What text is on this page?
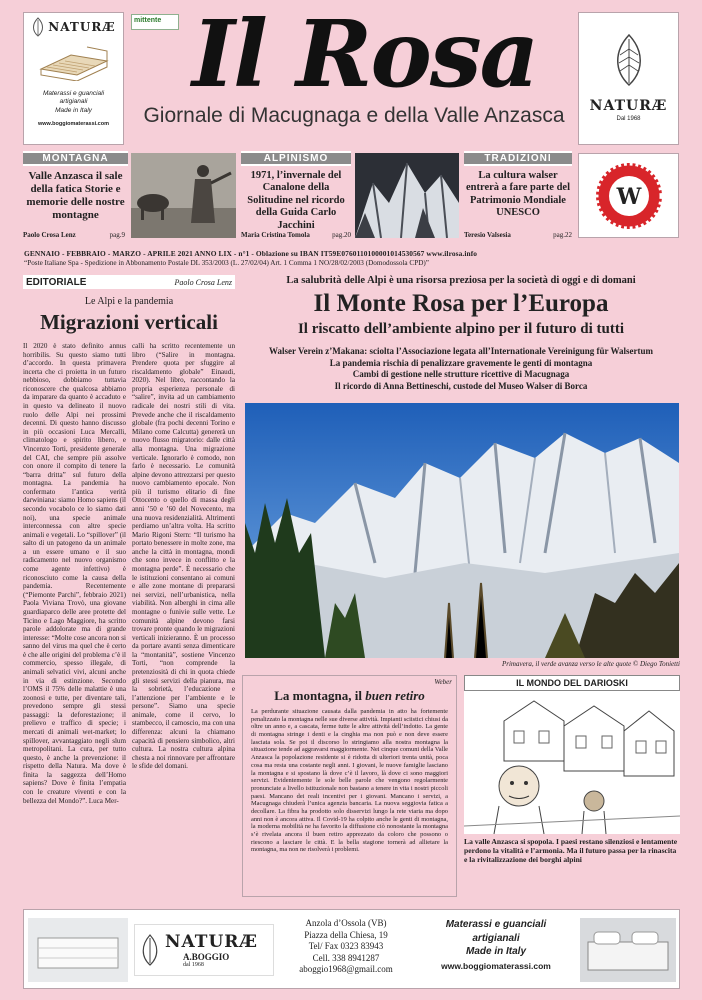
NATURÆ
Materassi e guanciali
artigianali
Made in Italy
www.boggiomaterassi.com
mittente Il Rosa
Giornale di Macugnaga e della Valle Anzasca	NATURÆ
Dal 1968
MONTAGNA
Valle Anzasca il sale della fatica Storie e memorie delle nostre montagne
Paolo Crosa Lenz	pag.9
ALPINISMO
1971, l’invernale del Canalone della Solitudine nel ricordo della Guida Carlo Jacchini
Maria Cristina Tomola	pag.20
TRADIZIONI
La cultura walser entrerà a fare parte del Patrimonio Mondiale UNESCO
Teresio Valsesia	pag.22
W
GENNAIO - FEBBRAIO - MARZO - APRILE 2021 ANNO LIX - n°1 - Oblazione su IBAN IT59E0760110100001014530567 www.ilrosa.info
“Poste Italiane Spa - Spedizione in Abbonamento Postale DL 353/2003 (L. 27/02/04) Art. 1 Comma 1 NO/28/02/2003 (Domodossola CPD)”
EDITORIALE	Paolo Crosa Lenz
Le Alpi e la pandemia
Migrazioni verticali
Il 2020 è stato definito annus horribilis. Su questo siamo tutti d’accordo. In questa primavera incerta che ci proietta in un futuro nebbioso, dobbiamo tuttavia riconoscere che qualcosa abbiamo da imparare da quanto è accaduto e in questo va delineato il nuovo ruolo delle Alpi nei prossimi decenni. Di questo hanno discusso in più occasioni Luca Mercalli, climatologo e spirito libero, e Vincenzo Torti, presidente generale del CAI, che sempre più assolve con onore il compito di tenere la “barra dritta” sul futuro della montagna. La pandemia ha confermato l’antica verità darwiniana: siamo Homo sapiens (il secondo vocabolo ce lo siamo dati noi), una specie animale interconnessa con altre specie animali e vegetali. Lo “spillover” (il salto di un patogeno da un animale a un essere umano e il suo radicamento nel nuovo organismo come agente infettivo) è riconosciuto come la causa della pandemia. Recentemente (“Piemonte Parchi”, febbraio 2021) Paola Viviana Trovò, una giovane guardiaparco delle aree protette del Ticino e Lago Maggiore, ha scritto parole addolorate ma di grande interesse: “Molte cose ancora non si sanno del virus ma quel che è certo è che alle origini del problema c’è il commercio, spesso illegale, di animali selvatici vivi, alcuni anche in via di estinzione. Secondo l’OMS il 75% delle malattie è una zoonosi e tutte, per diventare tali, prevedono sempre gli stessi passaggi: la deforestazione; il prelievo e traffico di specie; i mercati di animali wet-market; lo spillover, avvantaggiato negli slum metropolitani. La cura, per tutto questo, è anche la prevenzione: il rispetto della Natura. Ma dove è finita la saggezza dell’Homo sapiens? Dove è finita l’empatia con le creature viventi e con la bellezza del Mondo?”. Luca Mer-
calli ha scritto recentemente un libro (“Salire in montagna. Prendere quota per sfuggire al riscaldamento globale” Einaudi, 2020). Nel libro, raccontando la propria esperienza personale di “salire”, invita ad un cambiamento radicale dei nostri stili di vita. Prevede anche che il riscaldamento globale (fra pochi decenni Torino e Milano come Calcutta) genererà un nuovo flusso migratorio: dalle città alla montagna. Una migrazione verticale. Ignorarlo è comodo, non farlo è necessario. Le comunità alpine devono attrezzarsi per questo nuovo cambiamento epocale. Non più il turismo elitario di fine Ottocento o quello di massa degli anni ’50 e ’60 del Novecento, ma una nuova residenzialità. Altrimenti perdiamo un’altra volta. Ha scritto Mario Rigoni Stern: “Il turismo ha portato benessere in molte zone, ma anche la città in montagna, mondi che sono invece in conflitto e la montagna perde”. È necessario che le istituzioni consentano ai comuni e alle zone montane di prepararsi nei servizi, nell’urbanistica, nella viabilità. Non alberghi in cima alle montagne o funivie sulle vette. Le comunità alpine devono farsi trovare pronte quando le migrazioni verticali inizieranno. È un processo da portare avanti senza dimenticare la “montanità”, sostiene Vincenzo Torti, “non comprende la pretenziosità di chi in quota chiede gli stessi servizi della pianura, ma la sobrietà, l’educazione e l’attenzione per l’ambiente e le persone”. Siamo una specie animale, come il cervo, lo stambecco, il camoscio, ma con una differenza: alcuni la chiamano capacità di pensiero simbolico, altri cultura. La nostra cultura alpina chesta a noi rinnovare per affrontare le sfide del domani.
La salubrità delle Alpi è una risorsa preziosa per la società di oggi e di domani
Il Monte Rosa per l’Europa
Il riscatto dell’ambiente alpino per il futuro di tutti
Walser Verein z’Makana: sciolta l’Associazione legata all’Internationale Vereinigung für Walsertum
La pandemia rischia di penalizzare gravemente le genti di montagna
Cambi di gestione nelle strutture ricettive di Macugnaga
Il ricordo di Anna Bettineschi, custode del Museo Walser di Borca
Primavera, il verde avanza verso le alte quote © Diego Tonietti
Weber
La montagna, il buen retiro
La perdurante situazione causata dalla pandemia in atto ha fortemente penalizzato la montagna nelle sue diverse attività. Impianti sciistici chiusi da oltre un anno e, a cascata, ferme tutte le altre attività dell’indotto. La gente di montagna stringe i denti e la cinghia ma non può e non deve essere lasciata sola. Se poi il discorso lo stringiamo alla nostra montagna la situazione tende ad aggravarsi maggiormente. Nei cinque comuni della Valle Anzasca la popolazione residente si è ridotta di ulteriori trenta unità, poca cosa ma resta una costante negli anni. I giovani, le nuove famiglie lasciano la montagna e si spostano là dove c’è il lavoro, là dove ci sono maggiori servizi. Evidentemente le sole belle parole che vengono regolarmente pronunciate a livello istituzionale non bastano a tenere in vita i nostri piccoli paesi. Mancano dei reali incentivi per i giovani. Mancano i servizi, a Macugnaga chiuderà l’unica agenzia bancaria. La nuova seggiovia fatica a decollare. La fibra ha prodotto solo disservizi lungo la rete viaria ma dopo anni non è ancora attiva. Il Covid-19 ha colpito anche le genti di montagna, la moderna mobilità ne ha favorito la diffusione ciò nonostante la montagna s’è rivelata ancora il buen retiro apprezzato da coloro che possono o riescono a lasciare le città. E la bella stagione tornerà ad allietare la montagna, ma non ne risolverà i problemi.
IL MONDO DEL DARIOSKI
La valle Anzasca si spopola. I paesi restano silenziosi e lentamente perdono la vitalità e l’armonia. Ma il futuro passa per la rinascita e la rivitalizzazione dei borghi alpini
NATURÆ
A.BOGGIO
dal 1968
Anzola d’Ossola (VB)
Piazza della Chiesa, 19
Tel/ Fax 0323 83943
Cell. 338 8941287
aboggio1968@gmail.com
Materassi e guanciali
artigianali
Made in Italy
www.boggiomaterassi.com
